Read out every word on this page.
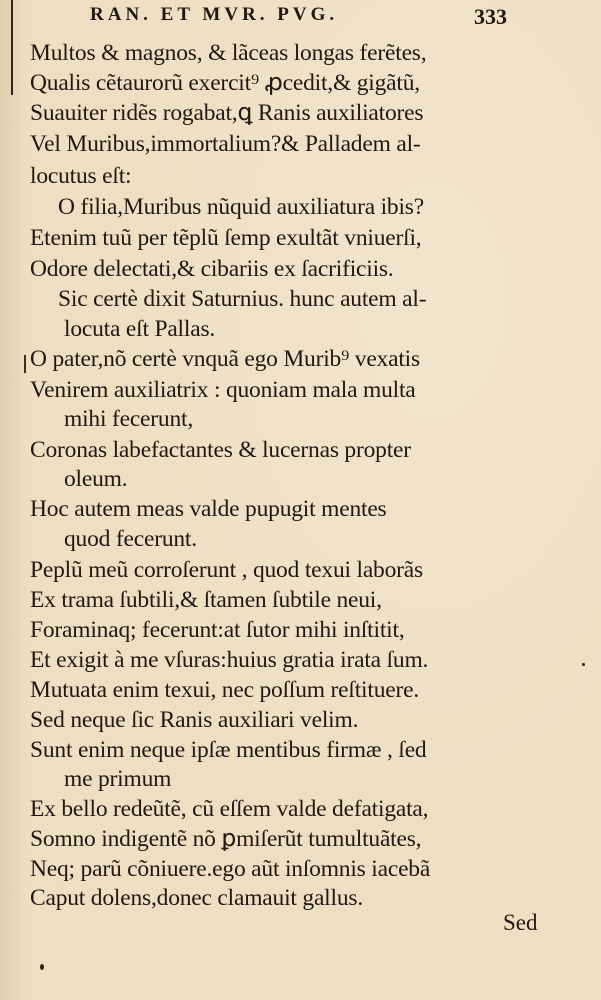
RAN. ET MVR. PVG.	333
Multos & magnos, & lãceas longas ferẽtes,
Qualis cẽtaurorũ exercit⁹ ꝓcedit,& gigãtũ,
Suauiter ridẽs rogabat,ꝗ Ranis auxiliatores
Vel Muribus,immortalium?& Palladem al-
locutus eſt:
O filia,Muribus nũquid auxiliatura ibis?
Etenim tuũ per tẽplũ ſemp exultãt vniuerſi,
Odore delectati,& cibariis ex ſacrificiis.
Sic certè dixit Saturnius. hunc autem al-
locuta eſt Pallas.
O pater,nõ certè vnquã ego Murib⁹ vexatis
Venirem auxiliatrix : quoniam mala multa
mihi fecerunt,
Coronas labefactantes & lucernas propter
oleum.
Hoc autem meas valde pupugit mentes
quod fecerunt.
Peplũ meũ corroſerunt , quod texui laborãs
Ex trama ſubtili,& ſtamen ſubtile neui,
Foraminaq; fecerunt:at ſutor mihi inſtitit,
Et exigit à me vſuras:huius gratia irata ſum.
Mutuata enim texui, nec poſſum reſtituere.
Sed neque ſic Ranis auxiliari velim.
Sunt enim neque ipſæ mentibus firmæ , ſed
me primum
Ex bello redeũtẽ, cũ eſſem valde defatigata,
Somno indigentẽ nõ ꝑmiſerũt tumultuãtes,
Neq; parũ cõniuere.ego aũt inſomnis iacebã
Caput dolens,donec clamauit gallus.
Sed
